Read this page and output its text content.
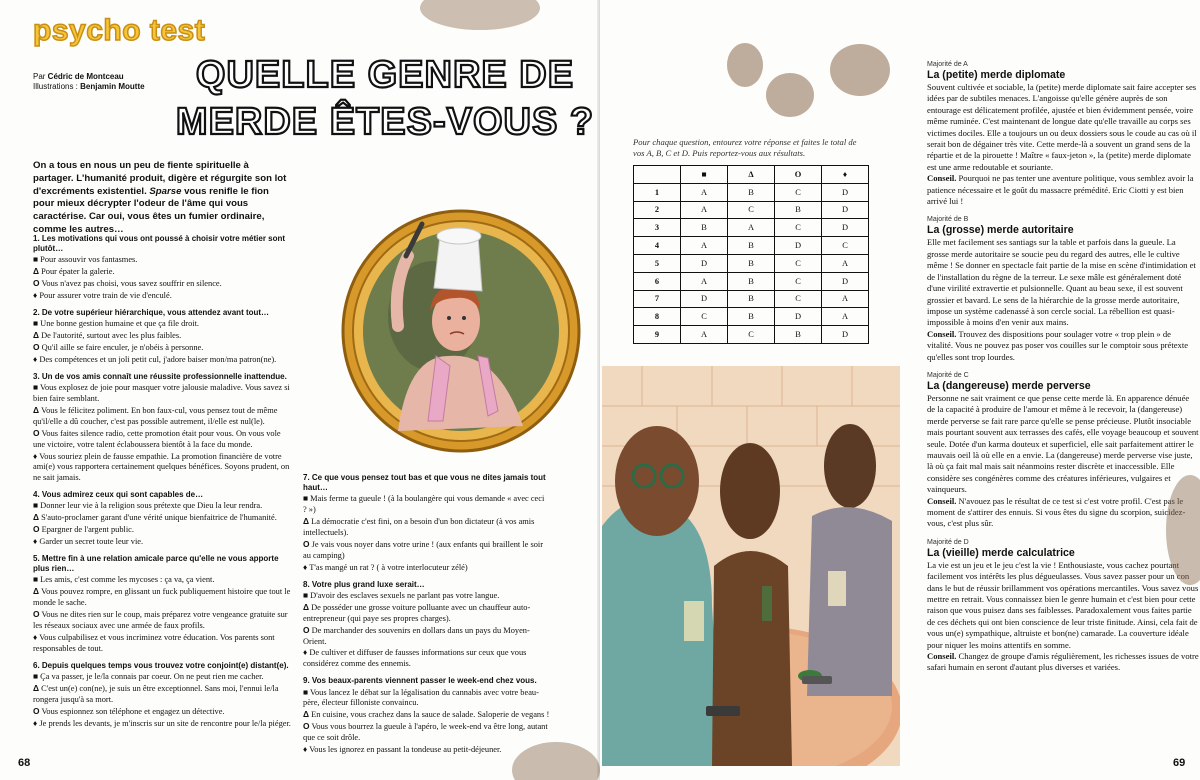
psycho test
Par Cédric de Montceau
Illustrations : Benjamin Moutte	QUELLE GENRE DE
MERDE ÊTES-VOUS ?
On a tous en nous un peu de fiente spirituelle à partager. L'humanité produit, digère et régurgite son lot d'excréments existentiel. Sparse vous renifle le fion pour mieux décrypter l'odeur de l'âme qui vous caractérise. Car oui, vous êtes un fumier ordinaire, comme les autres…
1. Les motivations qui vous ont poussé à choisir votre métier sont plutôt…

■ Pour assouvir vos fantasmes.

Δ Pour épater la galerie.

O Vous n'avez pas choisi, vous savez souffrir en silence.

♦ Pour assurer votre train de vie d'enculé.

2. De votre supérieur hiérarchique, vous attendez avant tout…

■ Une bonne gestion humaine et que ça file droit.

Δ De l'autorité, surtout avec les plus faibles.

O Qu'il aille se faire enculer, je n'obéis à personne.

♦ Des compétences et un joli petit cul, j'adore baiser mon/ma patron(ne).

3. Un de vos amis connaît une réussite professionnelle inattendue.

■ Vous explosez de joie pour masquer votre jalousie maladive. Vous savez si bien faire semblant.

Δ Vous le félicitez poliment. En bon faux-cul, vous pensez tout de même qu'il/elle a dû coucher, c'est pas possible autrement, il/elle est nul(le).

O Vous faites silence radio, cette promotion était pour vous. On vous vole une victoire, votre talent éclaboussera bientôt à la face du monde.

♦ Vous souriez plein de fausse empathie. La promotion financière de votre ami(e) vous rapportera certainement quelques bénéfices. Soyons prudent, on ne sait jamais.

4. Vous admirez ceux qui sont capables de…

■ Donner leur vie à la religion sous prétexte que Dieu la leur rendra.

Δ S'auto-proclamer garant d'une vérité unique bienfaitrice de l'humanité.

O Epargner de l'argent public.

♦ Garder un secret toute leur vie.

5. Mettre fin à une relation amicale parce qu'elle ne vous apporte plus rien…

■ Les amis, c'est comme les mycoses : ça va, ça vient.

Δ Vous pouvez rompre, en glissant un fuck publiquement histoire que tout le monde le sache.

O Vous ne dites rien sur le coup, mais préparez votre vengeance gratuite sur les réseaux sociaux avec une armée de faux profils.

♦ Vous culpabilisez et vous incriminez votre éducation. Vos parents sont responsables de tout.

6. Depuis quelques temps vous trouvez votre conjoint(e) distant(e).

■ Ça va passer, je le/la connais par coeur. On ne peut rien me cacher.

Δ C'est un(e) con(ne), je suis un être exceptionnel. Sans moi, l'ennui le/la rongera jusqu'à sa mort.

O Vous espionnez son téléphone et engagez un détective.

♦ Je prends les devants, je m'inscris sur un site de rencontre pour le/la piéger.

7. Ce que vous pensez tout bas et que vous ne dites jamais tout haut…

■ Mais ferme ta gueule ! (à la boulangère qui vous demande « avec ceci ? »)

Δ La démocratie c'est fini, on a besoin d'un bon dictateur (à vos amis intellectuels).

O Je vais vous noyer dans votre urine ! (aux enfants qui braillent le soir au camping)

♦ T'as mangé un rat ? ( à votre interlocuteur zélé)

8. Votre plus grand luxe serait…

■ D'avoir des esclaves sexuels ne parlant pas votre langue.

Δ De posséder une grosse voiture polluante avec un chauffeur auto-entrepreneur (qui paye ses propres charges).

O De marchander des souvenirs en dollars dans un pays du Moyen-Orient.

♦ De cultiver et diffuser de fausses informations sur ceux que vous considérez comme des ennemis.

9. Vos beaux-parents viennent passer le week-end chez vous.

■ Vous lancez le débat sur la légalisation du cannabis avec votre beau-père, électeur filloniste convaincu.

Δ En cuisine, vous crachez dans la sauce de salade. Saloperie de vegans !

O Vous vous bourrez la gueule à l'apéro, le week-end va être long, autant que ce soit drôle.

♦ Vous les ignorez en passant la tondeuse au petit-déjeuner.

68
Pour chaque question, entourez votre réponse et faites le total de vos A, B, C et D. Puis reportez-vous aux résultats.
	■	Δ	O	♦
1	A	B	C	D
2	A	C	B	D
3	B	A	C	D
4	A	B	D	C
5	D	B	C	A
6	A	B	C	D
7	D	B	C	A
8	C	B	D	A
9	A	C	B	D
Majorité de A
La (petite) merde diplomate

Souvent cultivée et sociable, la (petite) merde diplomate sait faire accepter ses idées par de subtiles menaces. L'angoisse qu'elle génère auprès de son entourage est délicatement profilée, ajustée et bien évidemment pensée, voire même ruminée. C'est maintenant de longue date qu'elle travaille au corps ses victimes dociles. Elle a toujours un ou deux dossiers sous le coude au cas où il serait bon de dégainer très vite. Cette merde-là a souvent un grand sens de la répartie et de la pirouette ! Maître « faux-jeton », la (petite) merde diplomate est une arme redoutable et souriante.
Conseil. Pourquoi ne pas tenter une aventure politique, vous semblez avoir la patience nécessaire et le goût du massacre prémédité. Eric Ciotti y est bien arrivé lui !

Majorité de B
La (grosse) merde autoritaire

Elle met facilement ses santiags sur la table et parfois dans la gueule. La grosse merde autoritaire se soucie peu du regard des autres, elle le cultive même ! Se donner en spectacle fait partie de la mise en scène d'intimidation et de l'installation du règne de la terreur. Le sexe mâle est généralement doté d'une virilité extravertie et pulsionnelle. Quant au beau sexe, il est souvent grossier et bavard. Le sens de la hiérarchie de la grosse merde autoritaire, impose un système cadenassé à son cercle social. La rébellion est quasi-impossible à moins d'en venir aux mains.
Conseil. Trouvez des dispositions pour soulager votre « trop plein » de vitalité. Vous ne pouvez pas poser vos couilles sur le comptoir sous prétexte qu'elles sont trop lourdes.

Majorité de C
La (dangereuse) merde perverse

Personne ne sait vraiment ce que pense cette merde là. En apparence dénuée de la capacité à produire de l'amour et même à le recevoir, la (dangereuse) merde perverse se fait rare parce qu'elle se pense précieuse. Plutôt insociable mais pourtant souvent aux terrasses des cafés, elle voyage beaucoup et souvent seule. Dotée d'un karma douteux et superficiel, elle sait parfaitement attirer le mauvais oeil là où elle en a envie. La (dangereuse) merde perverse vise juste, là où ça fait mal mais sait néanmoins rester discrète et inaccessible. Elle considère ses congénères comme des créatures inférieures, vulgaires et vainqueurs.
Conseil. N'avouez pas le résultat de ce test si c'est votre profil. C'est pas le moment de s'attirer des ennuis. Si vous êtes du signe du scorpion, suicidez-vous, c'est plus sûr.

Majorité de D
La (vieille) merde calculatrice

La vie est un jeu et le jeu c'est la vie ! Enthousiaste, vous cachez pourtant facilement vos intérêts les plus dégueulasses. Vous savez passer pour un con dans le but de réussir brillamment vos opérations mercantiles. Vous savez vous mettre en retrait. Vous connaissez bien le genre humain et c'est bien pour cette raison que vous puisez dans ses faiblesses. Paradoxalement vous faites partie de ces déchets qui ont bien conscience de leur triste finitude. Ainsi, cela fait de vous un(e) sympathique, altruiste et bon(ne) camarade. La couverture idéale pour niquer les moins attentifs en somme.
Conseil. Changez de groupe d'amis régulièrement, les richesses issues de votre safari humain en seront d'autant plus diverses et variées.

69
